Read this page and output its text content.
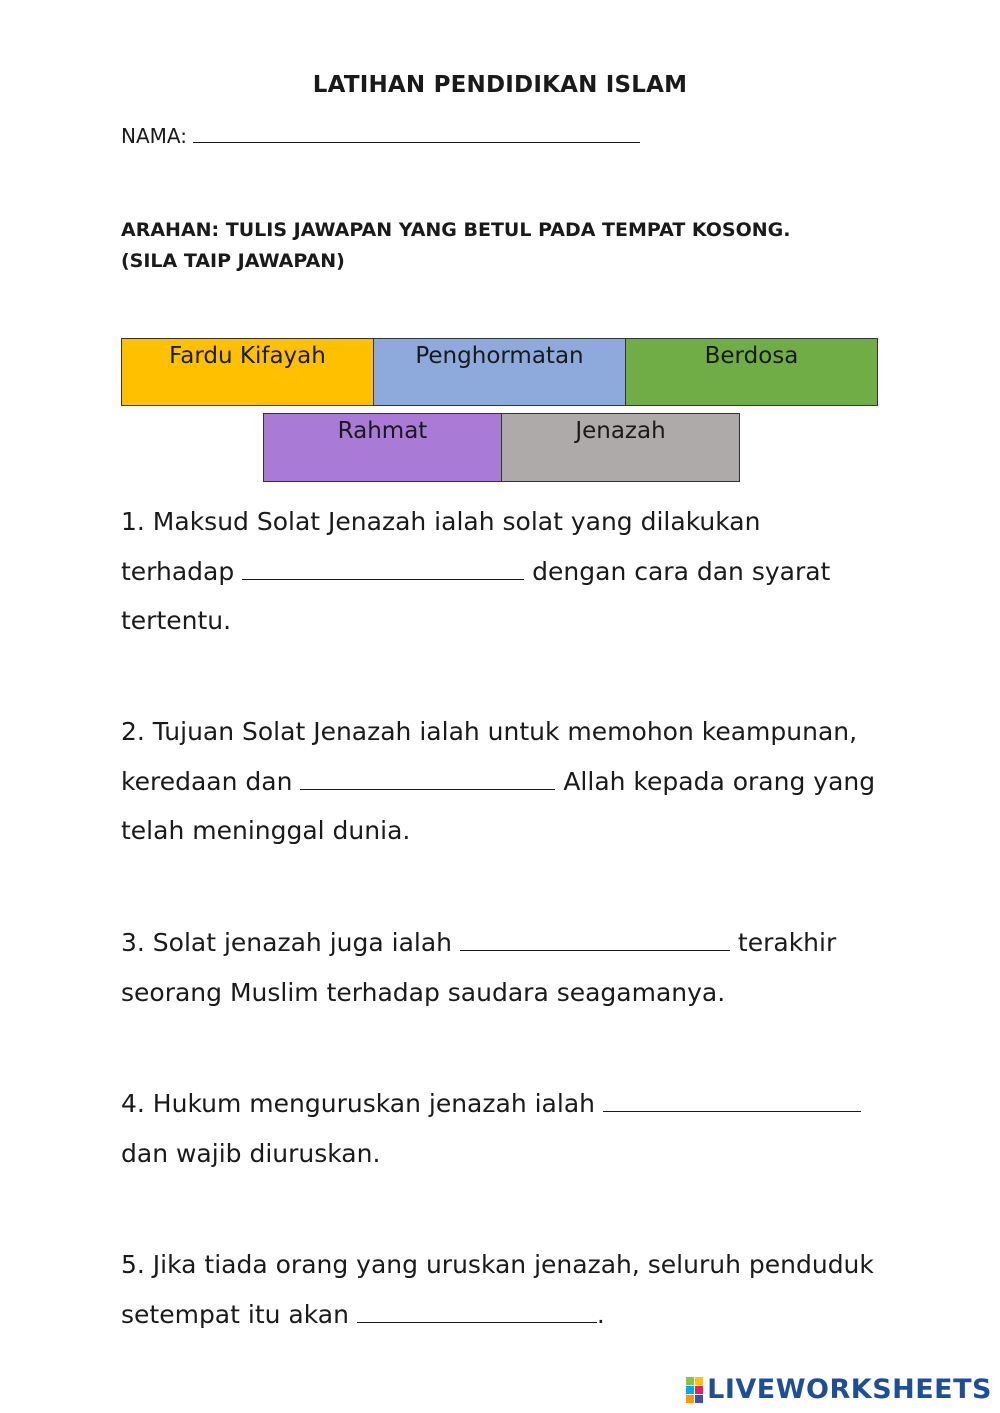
LATIHAN PENDIDIKAN ISLAM
NAMA:
ARAHAN: TULIS JAWAPAN YANG BETUL PADA TEMPAT KOSONG.
(SILA TAIP JAWAPAN)
Fardu Kifayah	Penghormatan	Berdosa
Rahmat	Jenazah
1. Maksud Solat Jenazah ialah solat yang dilakukan terhadap	dengan cara dan syarat tertentu.
2. Tujuan Solat Jenazah ialah untuk memohon keampunan, keredaan dan	Allah kepada orang yang telah meninggal dunia.
3. Solat jenazah juga ialah	terakhir seorang Muslim terhadap saudara seagamanya.
4. Hukum menguruskan jenazah ialah  dan wajib diuruskan.
5. Jika tiada orang yang uruskan jenazah, seluruh penduduk setempat itu akan	.
LIVEWORKSHEETS
